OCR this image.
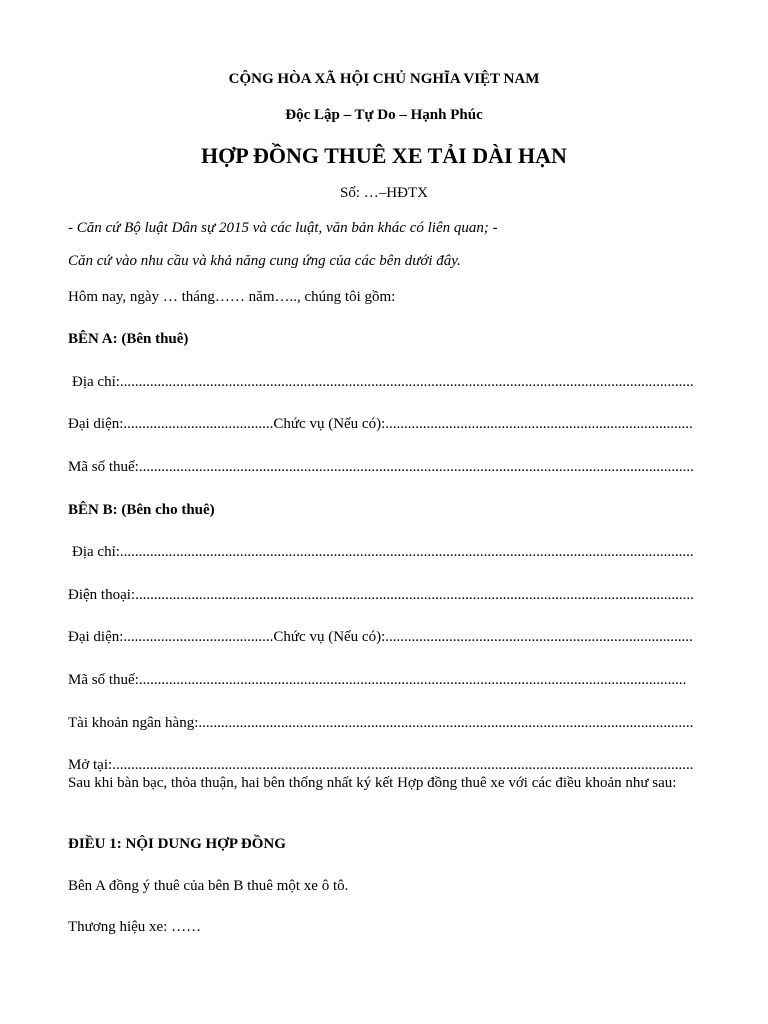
CỘNG HÒA XÃ HỘI CHỦ NGHĨA VIỆT NAM
Độc Lập – Tự Do – Hạnh Phúc
HỢP ĐỒNG THUÊ XE TẢI DÀI HẠN
Số: …–HĐTX
- Căn cứ Bộ luật Dân sự 2015 và các luật, văn bản khác có liên quan; -
Căn cứ vào nhu cầu và khả năng cung ứng của các bên dưới đây.
Hôm nay, ngày … tháng…… năm….., chúng tôi gồm:
BÊN A: (Bên thuê)
Địa chỉ:
.....
Đại diện: .....	Chức vụ (Nếu có):
.....
Mã số thuế:
.....
BÊN B: (Bên cho thuê)
Địa chỉ:
.....
Điện thoại:
.....
Đại diện: .....	Chức vụ (Nếu có):
.....
Mã số thuế:
.....
Tài khoản ngân hàng:
.....
Mở tại:
.....
Sau khi bàn bạc, thỏa thuận, hai bên thống nhất ký kết Hợp đồng thuê xe với các điều khoản như sau:
ĐIỀU 1: NỘI DUNG HỢP ĐỒNG
Bên A đồng ý thuê của bên B thuê một xe ô tô.
Thương hiệu xe: ……
